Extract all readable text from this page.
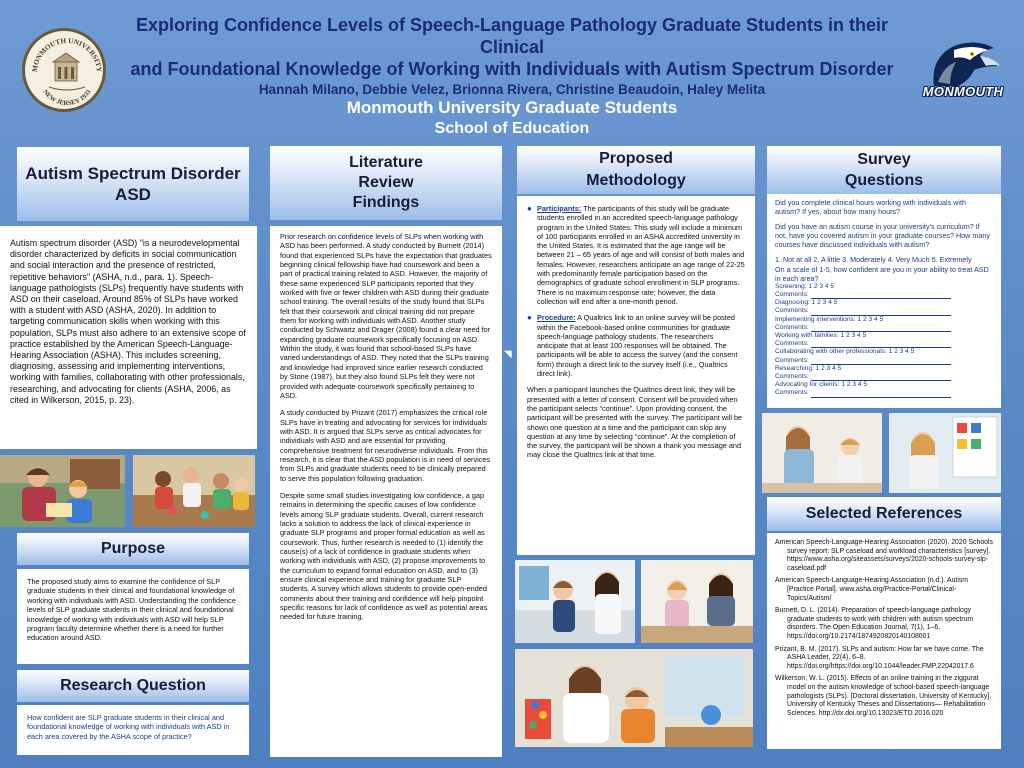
MONMOUTH UNIVERSITY
NEW JERSEY 1933
Exploring Confidence Levels of Speech-Language Pathology Graduate Students in their Clinical
and Foundational Knowledge of Working with Individuals with Autism Spectrum Disorder
Hannah Milano, Debbie Velez, Brionna Rivera, Christine Beaudoin, Haley Melita
Monmouth University Graduate Students
School of Education
MONMOUTH
Autism Spectrum Disorder
ASD
Autism spectrum disorder (ASD) "is a neurodevelopmental disorder characterized by deficits in social communication and social interaction and the presence of restricted, repetitive behaviors" (ASHA, n.d., para. 1). Speech-language pathologists (SLPs) frequently have students with ASD on their caseload. Around 85% of SLPs have worked with a student with ASD (ASHA, 2020). In addition to targeting communication skills when working with this population, SLPs must also adhere to an extensive scope of practice established by the American Speech-Language-Hearing Association (ASHA). This includes screening, diagnosing, assessing and implementing interventions, working with families, collaborating with other professionals, researching, and advocating for clients (ASHA, 2006, as cited in Wilkerson, 2015, p. 23).
Purpose
The proposed study aims to examine the confidence of SLP graduate students in their clinical and foundational knowledge of working with individuals with ASD. Understanding the confidence levels of SLP graduate students in their clinical and foundational knowledge of working with individuals with ASD will help SLP program faculty determine whether there is a need for further education around ASD.
Research Question
How confident are SLP graduate students in their clinical and foundational knowledge of working with individuals with ASD in each area covered by the ASHA scope of practice?
Literature
Review
Findings

Prior research on confidence levels of SLPs when working with ASD has been performed. A study conducted by Burnett (2014) found that experienced SLPs have the expectation that graduates beginning clinical fellowship have had coursework and been a part of practical training related to ASD. However, the majority of these same experienced SLP participants reported that they worked with five or fewer children with ASD during their graduate school training. The overall results of the study found that SLPs felt that their coursework and clinical training did not prepare them for working with individuals with ASD. Another study conducted by Schwartz and Drager (2008) found a clear need for expanding graduate coursework specifically focusing on ASD. Within the study, it was found that school-based SLPs have varied understandings of ASD. They noted that the SLPs training and knowledge had improved since earlier research conducted by Stone (1987), but they also found SLPs felt they were not provided with adequate coursework specifically pertaining to ASD.

A study conducted by Prizant (2017) emphasizes the critical role SLPs have in treating and advocating for services for individuals with ASD. It is argued that SLPs serve as critical advocates for individuals with ASD and are essential for providing comprehensive treatment for neurodiverse individuals. From this research, it is clear that the ASD population is in need of services from SLPs and graduate students need to be clinically prepared to serve this population following graduation.

Despite some small studies investigating low confidence, a gap remains in determining the specific causes of low confidence levels among SLP graduate students. Overall, current research lacks a solution to address the lack of clinical experience in graduate SLP programs and proper formal education as well as coursework. Thus, further research is needed to (1) identify the cause(s) of a lack of confidence in graduate students when working with individuals with ASD, (2) propose improvements to the curriculum to expand formal education on ASD, and to (3) ensure clinical experience and training for graduate SLP students. A survey which allows students to provide open-ended comments about their training and confidence will help pinpoint specific reasons for lack of confidence as well as potential areas needed for future training.

◥
Proposed
Methodology
● Participants: The participants of this study will be graduate students enrolled in an accredited speech-language pathology program in the United States. This study will include a minimum of 100 participants enrolled in an ASHA accredited university in the United States. It is estimated that the age range will be between 21 – 65 years of age and will consist of both males and females. However, researchers anticipate an age range of 22-25 with predominantly female participation based on the demographics of graduate school enrollment in SLP programs. There is no maximum response rate; however, the data collection will end after a one-month period.
● Procedure: A Qualtrics link to an online survey will be posted within the Facebook-based online communities for graduate speech-language pathology students. The researchers anticipate that at least 100 responses will be obtained. The participants will be able to access the survey (and the consent form) through a direct link to the survey itself (i.e., Qualtrics direct link).

When a participant launches the Qualtrics direct link, they will be presented with a letter of consent. Consent will be provided when the participant selects “continue”. Upon providing consent, the participant will be presented with the survey. The participant will be shown one question at a time and the participant can skip any question at any time by selecting “continue”. At the completion of the survey, the participant will be shown a thank you message and may close the Qualtrics link at that time.

Survey
Questions
Did you complete clinical hours working with individuals with autism? If yes, about how many hours?
Did you have an autism course in your university's curriculum? If not, have you covered autism in your graduate courses? How many courses have discussed individuals with autism?
1. Not at all 2. A little 3. Moderately 4. Very Much 5. Extremely
On a scale of 1-5, how confident are you in your ability to treat ASD in each area?
Screening: 1 2 3 4 5
Comments:
Diagnosing: 1 2 3 4 5
Comments:
Implementing interventions: 1 2 3 4 5
Comments:
Working with families: 1 2 3 4 5
Comments:
Collaborating with other professionals: 1 2 3 4 5
Comments:
Researching: 1 2 3 4 5
Comments:
Advocating for clients: 1 2 3 4 5
Comments:
Selected References
American Speech-Language-Hearing Association (2020). 2020 Schools survey report: SLP caseload and workload characteristics [survey]. https://www.asha.org/siteassets/surveys/2020-schools-survey-slp-caseload.pdf
American Speech-Language-Hearing Association (n.d.). Autism [Practice Portal]. www.asha.org/Practice-Portal/Clinical-Topics/Autism/
Burnett, D. L. (2014). Preparation of speech-language pathology graduate students to work with children with autism spectrum disorders. The Open Education Journal, 7(1), 1–6. https://doi.org/10.2174/1874920820140108001
Prizant, B. M. (2017). SLPs and autism: How far we have come. The ASHA Leader, 22(4), 6–8. https://doi.org/https://doi.org/10.1044/leader.FMP.22042017.6
Wilkerson, W. L. (2015). Effects of an online training in the ziggurat model on the autism knowledge of school-based speech-language pathologists (SLPs). [Doctoral dissertation, University of Kentucky]. University of Kentucky Theses and Dissertations— Rehabilitation Sciences. http://dx.doi.org/10.13023/ETD.2016.020
